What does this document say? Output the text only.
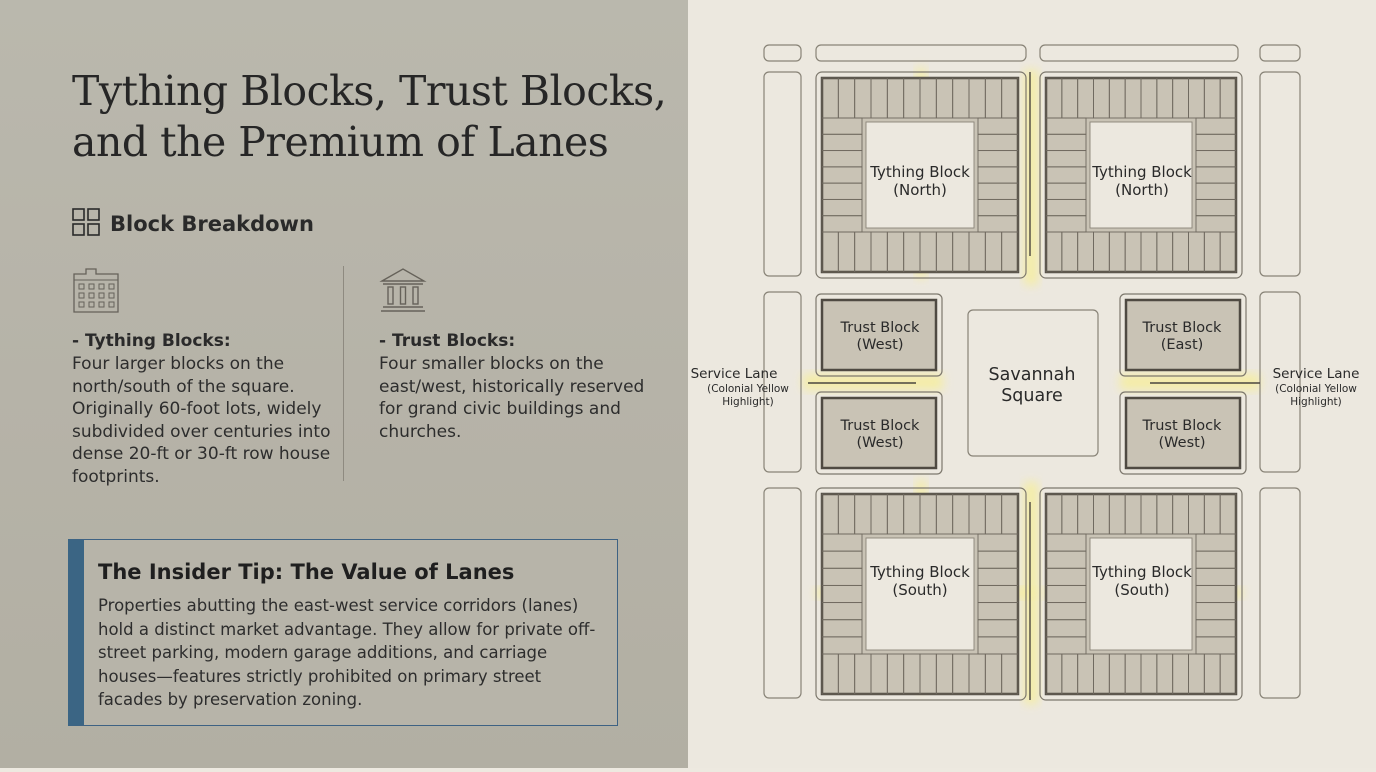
Tything Blocks, Trust Blocks,
and the Premium of Lanes
Block Breakdown
- Tything Blocks:
Four larger blocks on the north/south of the square. Originally 60-foot lots, widely subdivided over centuries into dense 20-ft or 30-ft row house footprints.
- Trust Blocks:
Four smaller blocks on the east/west, historically reserved for grand civic buildings and churches.
The Insider Tip: The Value of Lanes
Properties abutting the east-west service corridors (lanes) hold a distinct market advantage. They allow for private off-street parking, modern garage additions, and carriage houses—features strictly prohibited on primary street facades by preservation zoning.
Tything Block
(North)
Tything Block
(North)
Tything Block
(South)
Tything Block
(South)
Trust Block
(West)
Trust Block
(West)
Trust Block
(East)
Trust Block
(West)
Savannah
Square
Service Lane
(Colonial Yellow
Highlight)
Service Lane
(Colonial Yellow
Highlight)
